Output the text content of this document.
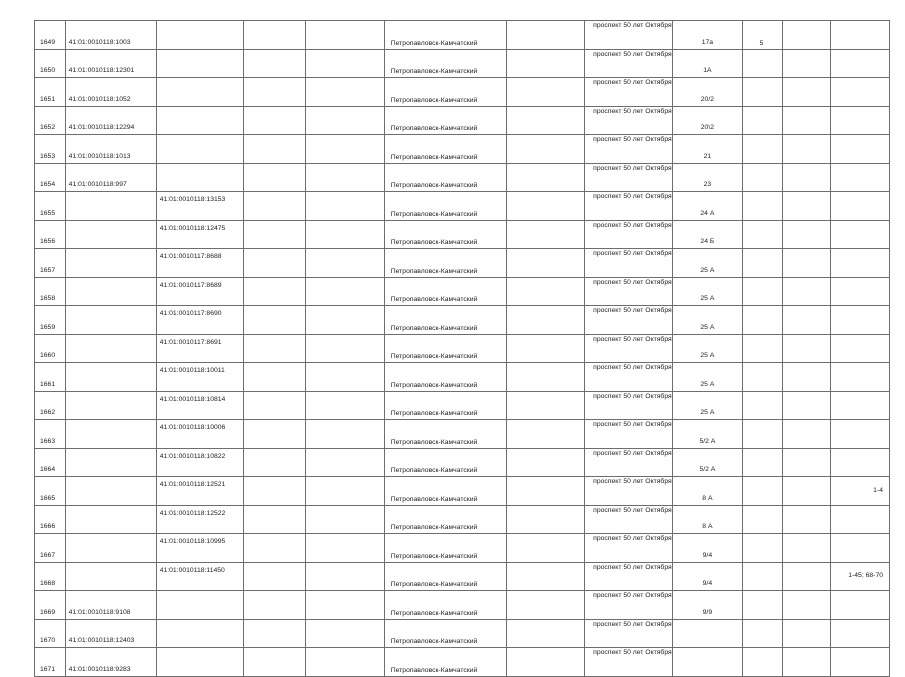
1649	41:01:0010118:1003				Петропавловск-Камчатский		проспект 50 лет Октября	17а	5		
1650	41:01:0010118:12301				Петропавловск-Камчатский		проспект 50 лет Октября	1А			
1651	41:01:0010118:1052				Петропавловск-Камчатский		проспект 50 лет Октября	20/2			
1652	41:01:0010118:12294				Петропавловск-Камчатский		проспект 50 лет Октября	20\2			
1653	41:01:0010118:1013				Петропавловск-Камчатский		проспект 50 лет Октября	21			
1654	41:01:0010118:997				Петропавловск-Камчатский		проспект 50 лет Октября	23			
1655		41:01:0010118:13153			Петропавловск-Камчатский		проспект 50 лет Октября	24 А			
1656		41:01:0010118:12475			Петропавловск-Камчатский		проспект 50 лет Октября	24 Б			
1657		41:01:0010117:8688			Петропавловск-Камчатский		проспект 50 лет Октября	25 А			
1658		41:01:0010117:8689			Петропавловск-Камчатский		проспект 50 лет Октября	25 А			
1659		41:01:0010117:8690			Петропавловск-Камчатский		проспект 50 лет Октября	25 А			
1660		41:01:0010117:8691			Петропавловск-Камчатский		проспект 50 лет Октября	25 А			
1661		41:01:0010118:10011			Петропавловск-Камчатский		проспект 50 лет Октября	25 А			
1662		41:01:0010118:10814			Петропавловск-Камчатский		проспект 50 лет Октября	25 А			
1663		41:01:0010118:10006			Петропавловск-Камчатский		проспект 50 лет Октября	5/2 А			
1664		41:01:0010118:10822			Петропавловск-Камчатский		проспект 50 лет Октября	5/2 А			
1665		41:01:0010118:12521			Петропавловск-Камчатский		проспект 50 лет Октября	8 А			1-4
1666		41:01:0010118:12522			Петропавловск-Камчатский		проспект 50 лет Октября	8 А			
1667		41:01:0010118:10995			Петропавловск-Камчатский		проспект 50 лет Октября	9/4			
1668		41:01:0010118:11450			Петропавловск-Камчатский		проспект 50 лет Октября	9/4			1-45; 68-70
1669	41:01:0010118:9108				Петропавловск-Камчатский		проспект 50 лет Октября	9/9			
1670	41:01:0010118:12403				Петропавловск-Камчатский		проспект 50 лет Октября				
1671	41:01:0010118:9283				Петропавловск-Камчатский		проспект 50 лет Октября				
